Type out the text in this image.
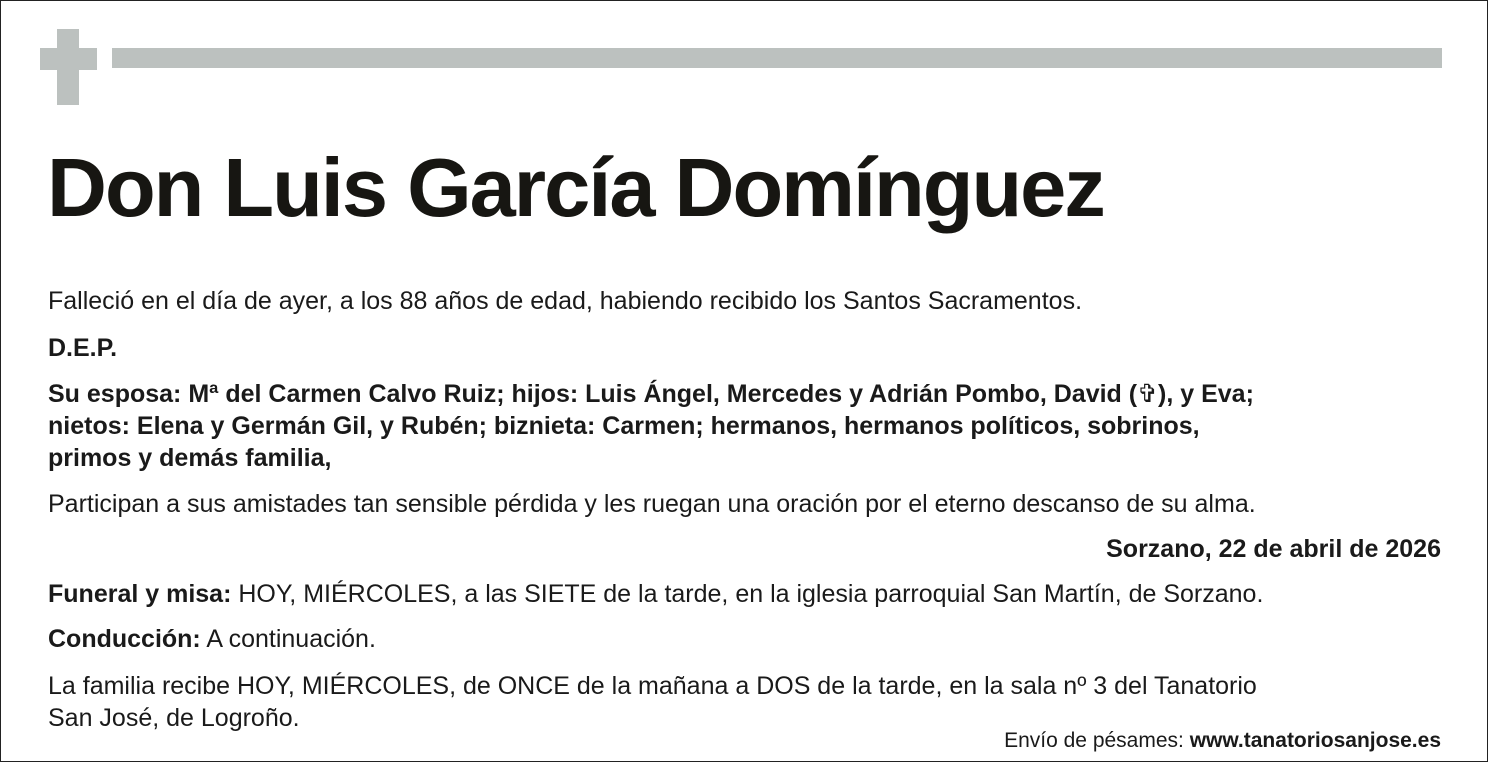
Don Luis García Domínguez
Falleció en el día de ayer, a los 88 años de edad, habiendo recibido los Santos Sacramentos.
D.E.P.
Su esposa: Mª del Carmen Calvo Ruiz; hijos: Luis Ángel, Mercedes y Adrián Pombo, David (✞), y Eva;
nietos: Elena y Germán Gil, y Rubén; biznieta: Carmen; hermanos, hermanos políticos, sobrinos,
primos y demás familia,
Participan a sus amistades tan sensible pérdida y les ruegan una oración por el eterno descanso de su alma.
Sorzano, 22 de abril de 2026
Funeral y misa: HOY, MIÉRCOLES, a las SIETE de la tarde, en la iglesia parroquial San Martín, de Sorzano.
Conducción: A continuación.
La familia recibe HOY, MIÉRCOLES, de ONCE de la mañana a DOS de la tarde, en la sala nº 3 del Tanatorio
San José, de Logroño.
Envío de pésames: www.tanatoriosanjose.es
